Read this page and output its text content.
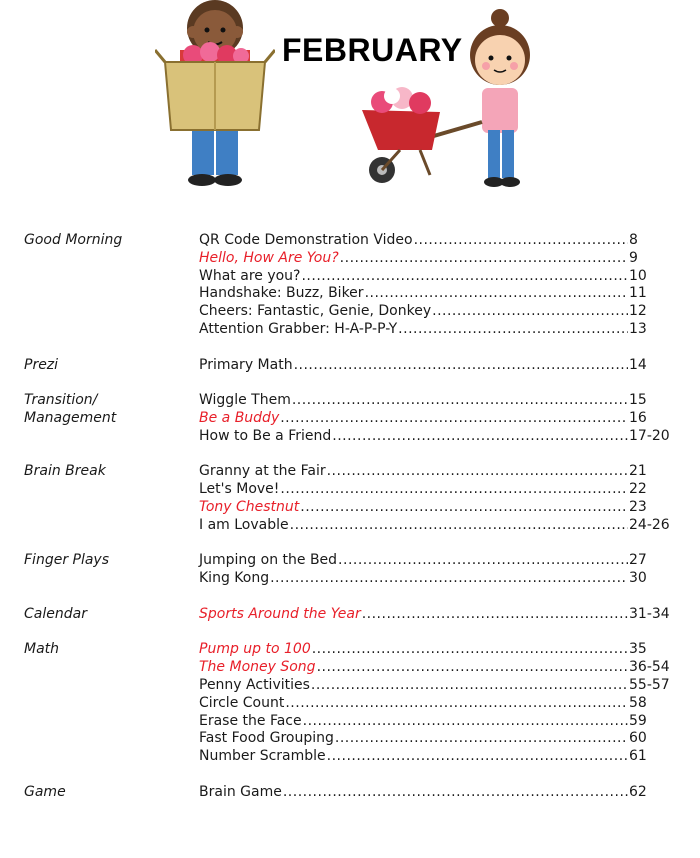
FEBRUARY
Good Morning	QR Code Demonstration Video .....	8
Hello, How Are You? .....	9
What are you? .....	10
Handshake: Buzz, Biker .....	11
Cheers: Fantastic, Genie, Donkey .....	12
Attention Grabber: H-A-P-P-Y .....	13
Prezi	Primary Math .....	14
Transition/
Management
Wiggle Them .....	15
Be a Buddy .....	16
How to Be a Friend .....	17-20
Brain Break	Granny at the Fair .....	21
Let's Move! .....	22
Tony Chestnut .....	23
I am Lovable .....	24-26
Finger Plays	Jumping on the Bed .....	27
King Kong .....	30
Calendar	Sports Around the Year .....	31-34
Math	Pump up to 100 .....	35
The Money Song .....	36-54
Penny Activities .....	55-57
Circle Count .....	58
Erase the Face .....	59
Fast Food Grouping .....	60
Number Scramble .....	61
Game	Brain Game .....	62
